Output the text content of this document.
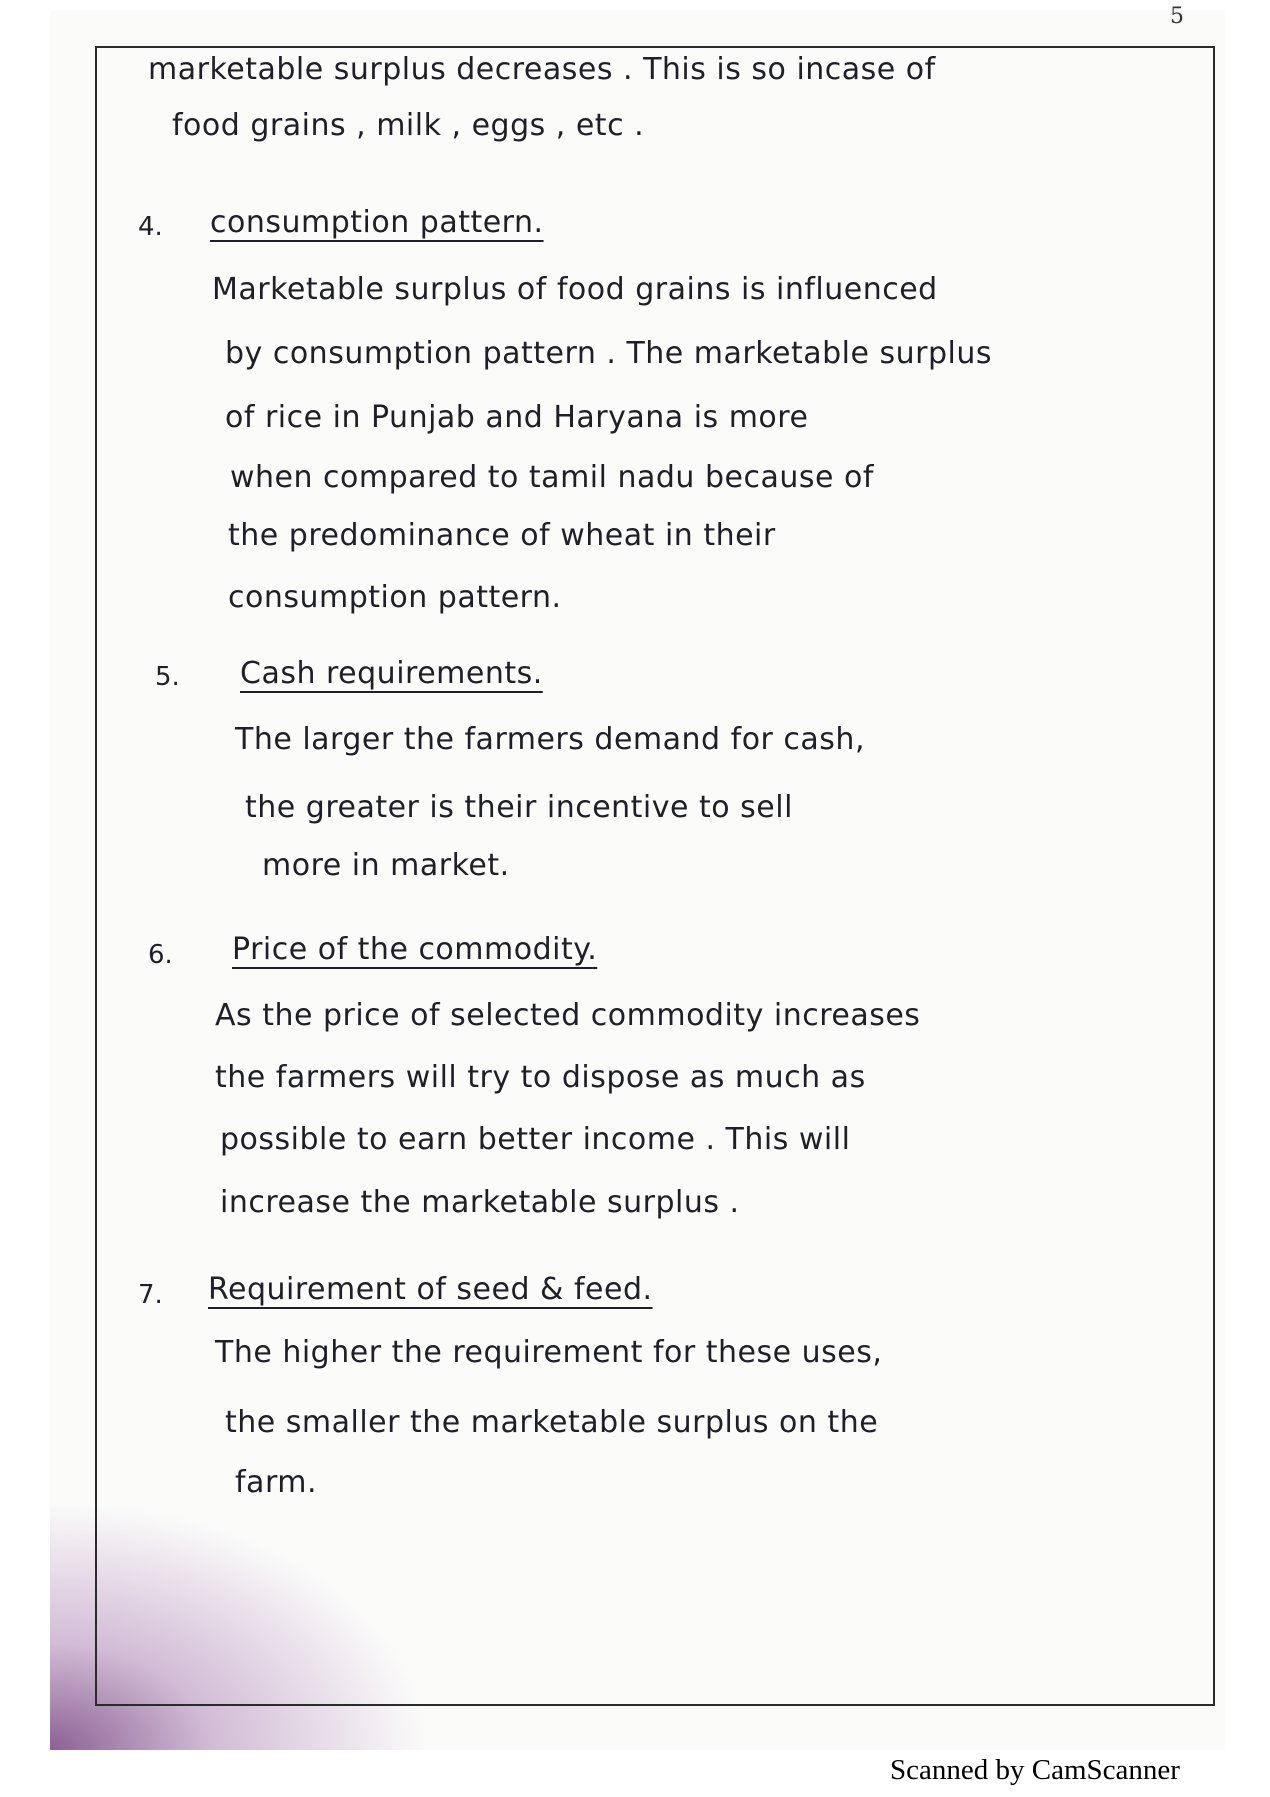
5
marketable surplus decreases . This is so incase of
food grains , milk , eggs , etc .
4. consumption pattern.
Marketable surplus of food grains is influenced
by consumption pattern . The marketable surplus
of rice in Punjab and Haryana is more
when compared to tamil nadu because of
the predominance of wheat in their
consumption pattern.
5. Cash requirements.
The larger the farmers demand for cash,
the greater is their incentive to sell
more in market.
6. Price of the commodity.
As the price of selected commodity increases
the farmers will try to dispose as much as
possible to earn better income . This will
increase the marketable surplus .
7. Requirement of seed & feed.
The higher the requirement for these uses,
the smaller the marketable surplus on the
farm.
Scanned by CamScanner
